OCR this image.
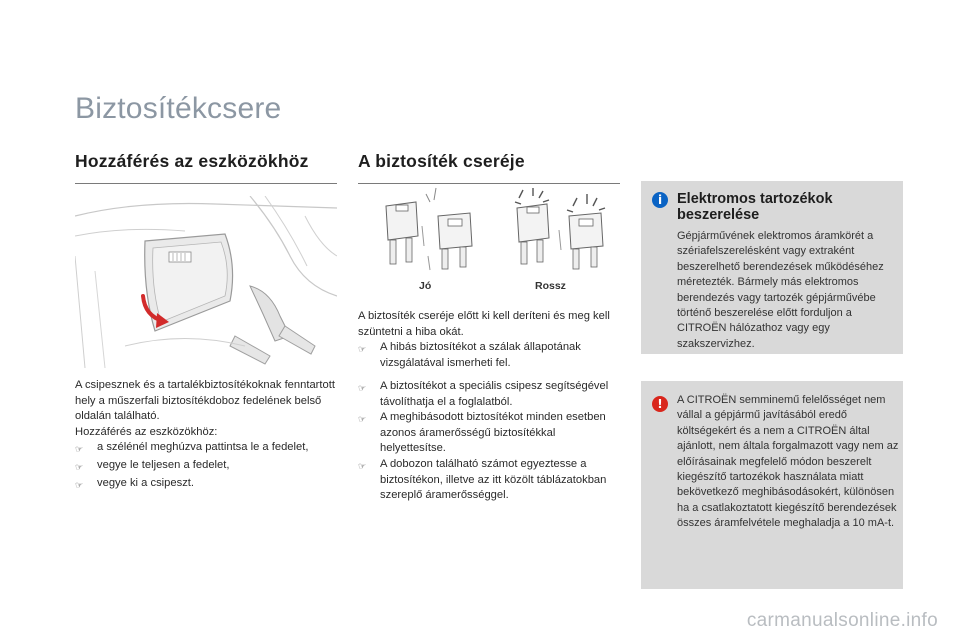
Biztosítékcsere
Hozzáférés az eszközökhöz
A csipesznek és a tartalékbiztosítékoknak fenntartott hely a műszerfali biztosítékdoboz fedelének belső oldalán található.
Hozzáférés az eszközökhöz:
☞	a szélénél meghúzva pattintsa le a fedelet,
☞	vegye le teljesen a fedelet,
☞	vegye ki a csipeszt.
A biztosíték cseréje
Jó	Rossz
A biztosíték cseréje előtt ki kell deríteni és meg kell szüntetni a hiba okát.
☞	A hibás biztosítékot a szálak állapotának vizsgálatával ismerheti fel.
☞	A biztosítékot a speciális csipesz segítségével távolíthatja el a foglalatból.
☞	A meghibásodott biztosítékot minden esetben azonos áramerősségű biztosítékkal helyettesítse.
☞	A dobozon található számot egyeztesse a biztosítékon, illetve az itt közölt táblázatokban szereplő áramerősséggel.
i	Elektromos tartozékok beszerelése
Gépjárművének elektromos áramkörét a szériafelszerelésként vagy extraként beszerelhető berendezések működéséhez méretezték. Bármely más elektromos berendezés vagy tartozék gépjárművébe történő beszerelése előtt forduljon a CITROËN hálózathoz vagy egy szakszervizhez.
!	A CITROËN semminemű felelősséget nem vállal a gépjármű javításából eredő költségekért és a nem a CITROËN által ajánlott, nem általa forgalmazott vagy nem az előírásainak megfelelő módon beszerelt kiegészítő tartozékok használata miatt bekövetkező meghibásodásokért, különösen ha a csatlakoztatott kiegészítő berendezések összes áramfelvétele meghaladja a 10 mA-t.
carmanualsonline.info
